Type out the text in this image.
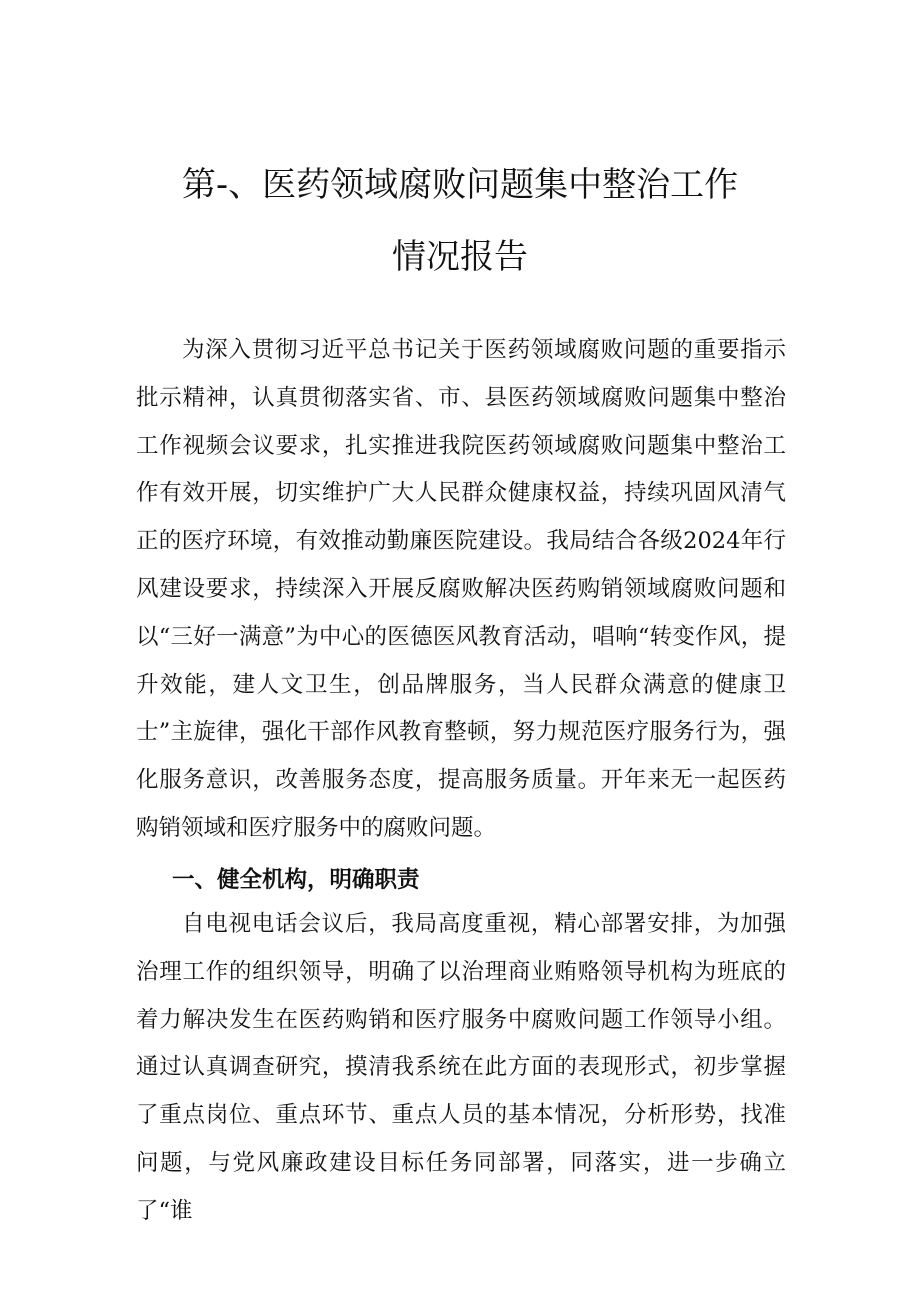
第-、医药领域腐败问题集中整治工作
情况报告
为深入贯彻习近平总书记关于医药领域腐败问题的重要指示批示精神，认真贯彻落实省、市、县医药领域腐败问题集中整治工作视频会议要求，扎实推进我院医药领域腐败问题集中整治工作有效开展，切实维护广大人民群众健康权益，持续巩固风清气正的医疗环境，有效推动勤廉医院建设。我局结合各级2024年行风建设要求，持续深入开展反腐败解决医药购销领域腐败问题和以“三好一满意”为中心的医德医风教育活动，唱响“转变作风，提升效能，建人文卫生，创品牌服务，当人民群众满意的健康卫士”主旋律，强化干部作风教育整顿，努力规范医疗服务行为，强化服务意识，改善服务态度，提高服务质量。开年来无一起医药购销领域和医疗服务中的腐败问题。
一、健全机构，明确职责
自电视电话会议后，我局高度重视，精心部署安排，为加强治理工作的组织领导，明确了以治理商业贿赂领导机构为班底的着力解决发生在医药购销和医疗服务中腐败问题工作领导小组。通过认真调查研究，摸清我系统在此方面的表现形式，初步掌握了重点岗位、重点环节、重点人员的基本情况，分析形势，找准问题，与党风廉政建设目标任务同部署，同落实，进一步确立了“谁
